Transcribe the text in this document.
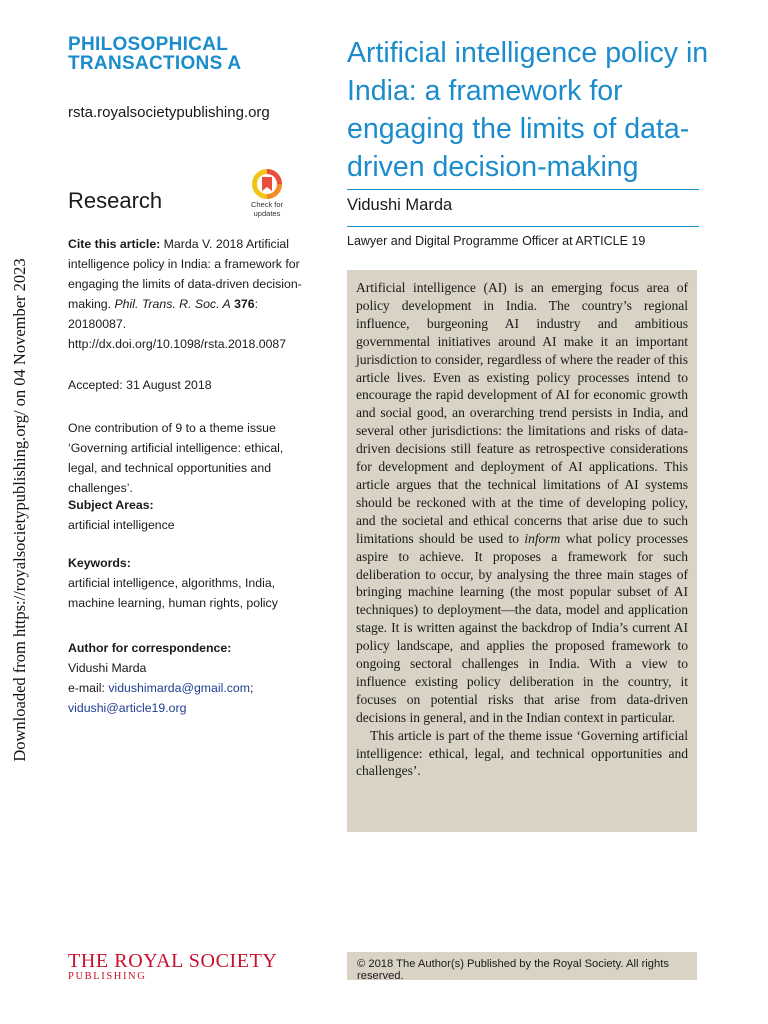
Downloaded from https://royalsocietypublishing.org/ on 04 November 2023
PHILOSOPHICAL
TRANSACTIONS A
rsta.royalsocietypublishing.org
Research	Check for
updates
Cite this article: Marda V. 2018 Artificial intelligence policy in India: a framework for engaging the limits of data-driven decision-making. Phil. Trans. R. Soc. A 376: 20180087. http://dx.doi.org/10.1098/rsta.2018.0087
Accepted: 31 August 2018
One contribution of 9 to a theme issue ‘Governing artificial intelligence: ethical, legal, and technical opportunities and challenges’.
Subject Areas:
artificial intelligence
Keywords:
artificial intelligence, algorithms, India, machine learning, human rights, policy
Author for correspondence:
Vidushi Marda
e-mail: vidushimarda@gmail.com;
vidushi@article19.org
Artificial intelligence policy in India: a framework for engaging the limits of data-driven decision-making
Vidushi Marda
Lawyer and Digital Programme Officer at ARTICLE 19

Artificial intelligence (AI) is an emerging focus area of policy development in India. The country’s regional influence, burgeoning AI industry and ambitious governmental initiatives around AI make it an important jurisdiction to consider, regardless of where the reader of this article lives. Even as existing policy processes intend to encourage the rapid development of AI for economic growth and social good, an overarching trend persists in India, and several other jurisdictions: the limitations and risks of data-driven decisions still feature as retrospective considerations for development and deployment of AI applications. This article argues that the technical limitations of AI systems should be reckoned with at the time of developing policy, and the societal and ethical concerns that arise due to such limitations should be used to inform what policy processes aspire to achieve. It proposes a framework for such deliberation to occur, by analysing the three main stages of bringing machine learning (the most popular subset of AI techniques) to deployment—the data, model and application stage. It is written against the backdrop of India’s current AI policy landscape, and applies the proposed framework to ongoing sectoral challenges in India. With a view to influence existing policy deliberation in the country, it focuses on potential risks that arise from data-driven decisions in general, and in the Indian context in particular.

This article is part of the theme issue ‘Governing artificial intelligence: ethical, legal, and technical opportunities and challenges’.

THE ROYAL SOCIETY
PUBLISHING
© 2018 The Author(s) Published by the Royal Society. All rights reserved.
